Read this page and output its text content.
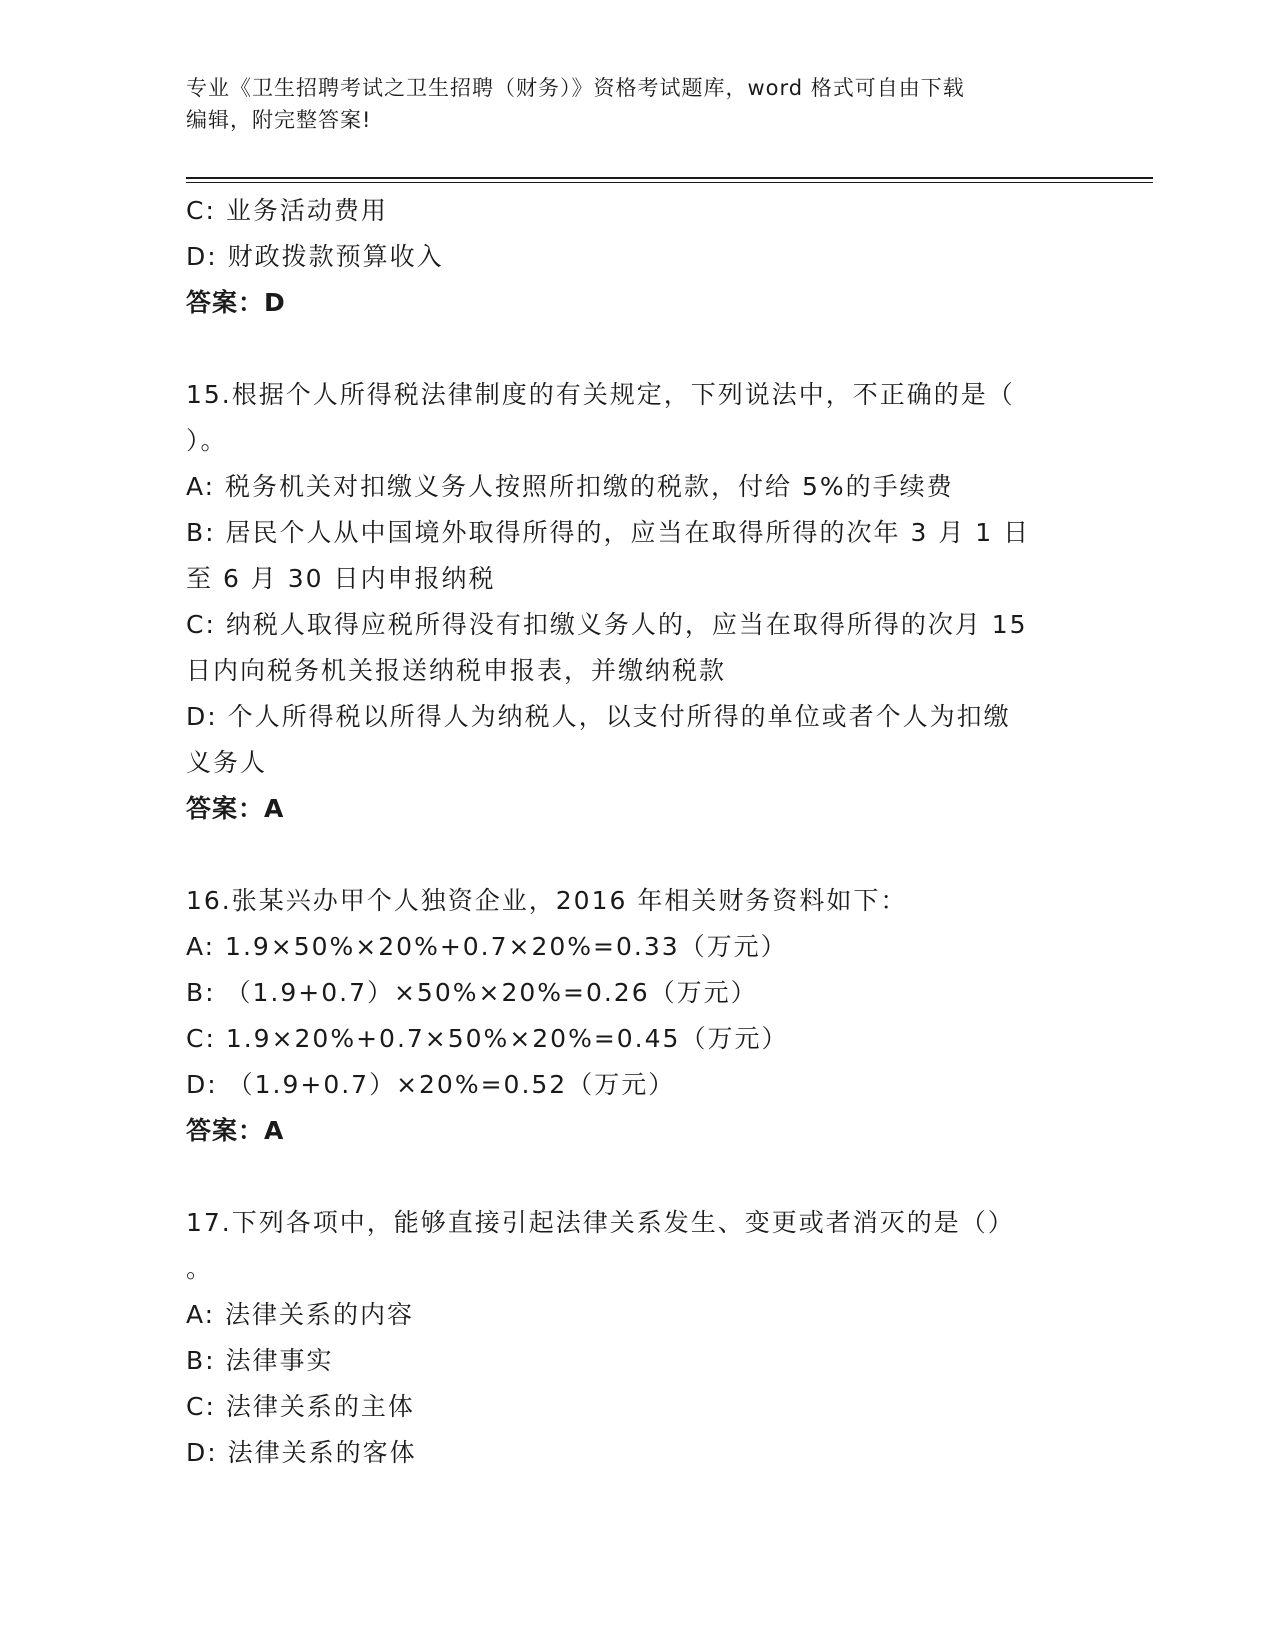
专业《卫生招聘考试之卫生招聘（财务）》资格考试题库，word 格式可自由下载
编辑，附完整答案!
C: 业务活动费用
D: 财政拨款预算收入
答案：D
15.根据个人所得税法律制度的有关规定，下列说法中，不正确的是（
）。
A: 税务机关对扣缴义务人按照所扣缴的税款，付给 5%的手续费
B: 居民个人从中国境外取得所得的，应当在取得所得的次年 3 月 1 日
至 6 月 30 日内申报纳税
C: 纳税人取得应税所得没有扣缴义务人的，应当在取得所得的次月 15
日内向税务机关报送纳税申报表，并缴纳税款
D: 个人所得税以所得人为纳税人，以支付所得的单位或者个人为扣缴
义务人
答案：A
16.张某兴办甲个人独资企业，2016 年相关财务资料如下：
A: 1.9×50%×20%+0.7×20%=0.33（万元）
B: （1.9+0.7）×50%×20%=0.26（万元）
C: 1.9×20%+0.7×50%×20%=0.45（万元）
D: （1.9+0.7）×20%=0.52（万元）
答案：A
17.下列各项中，能够直接引起法律关系发生、变更或者消灭的是（）
。
A: 法律关系的内容
B: 法律事实
C: 法律关系的主体
D: 法律关系的客体
